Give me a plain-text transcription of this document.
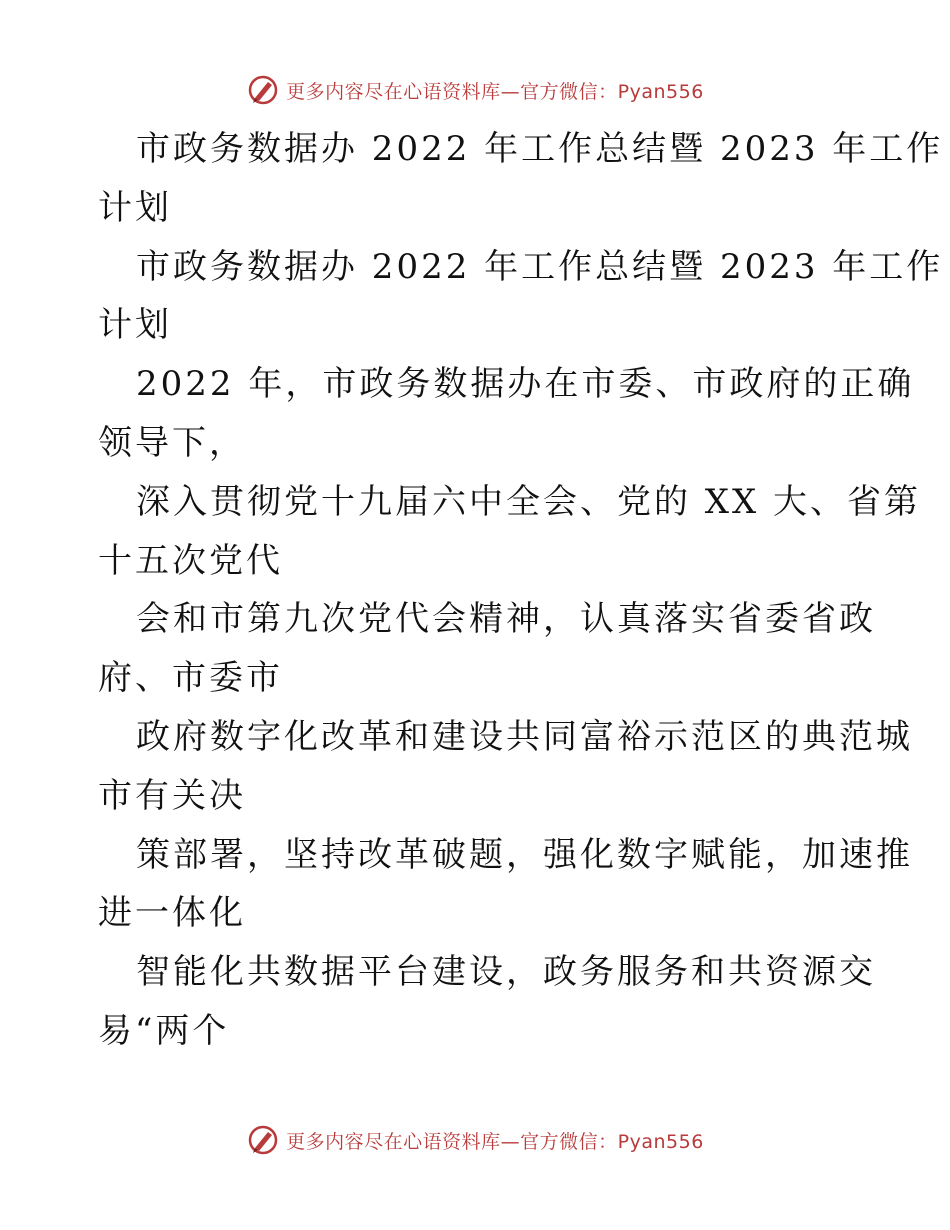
更多内容尽在心语资料库—官方微信：Pyan556
市政务数据办 2022 年工作总结暨 2023 年工作
计划
市政务数据办 2022 年工作总结暨 2023 年工作
计划
2022 年，市政务数据办在市委、市政府的正确
领导下，
深入贯彻党十九届六中全会、党的 XX 大、省第
十五次党代
会和市第九次党代会精神，认真落实省委省政
府、市委市
政府数字化改革和建设共同富裕示范区的典范城
市有关决
策部署，坚持改革破题，强化数字赋能，加速推
进一体化
智能化共数据平台建设，政务服务和共资源交
易“两个
更多内容尽在心语资料库—官方微信：Pyan556
